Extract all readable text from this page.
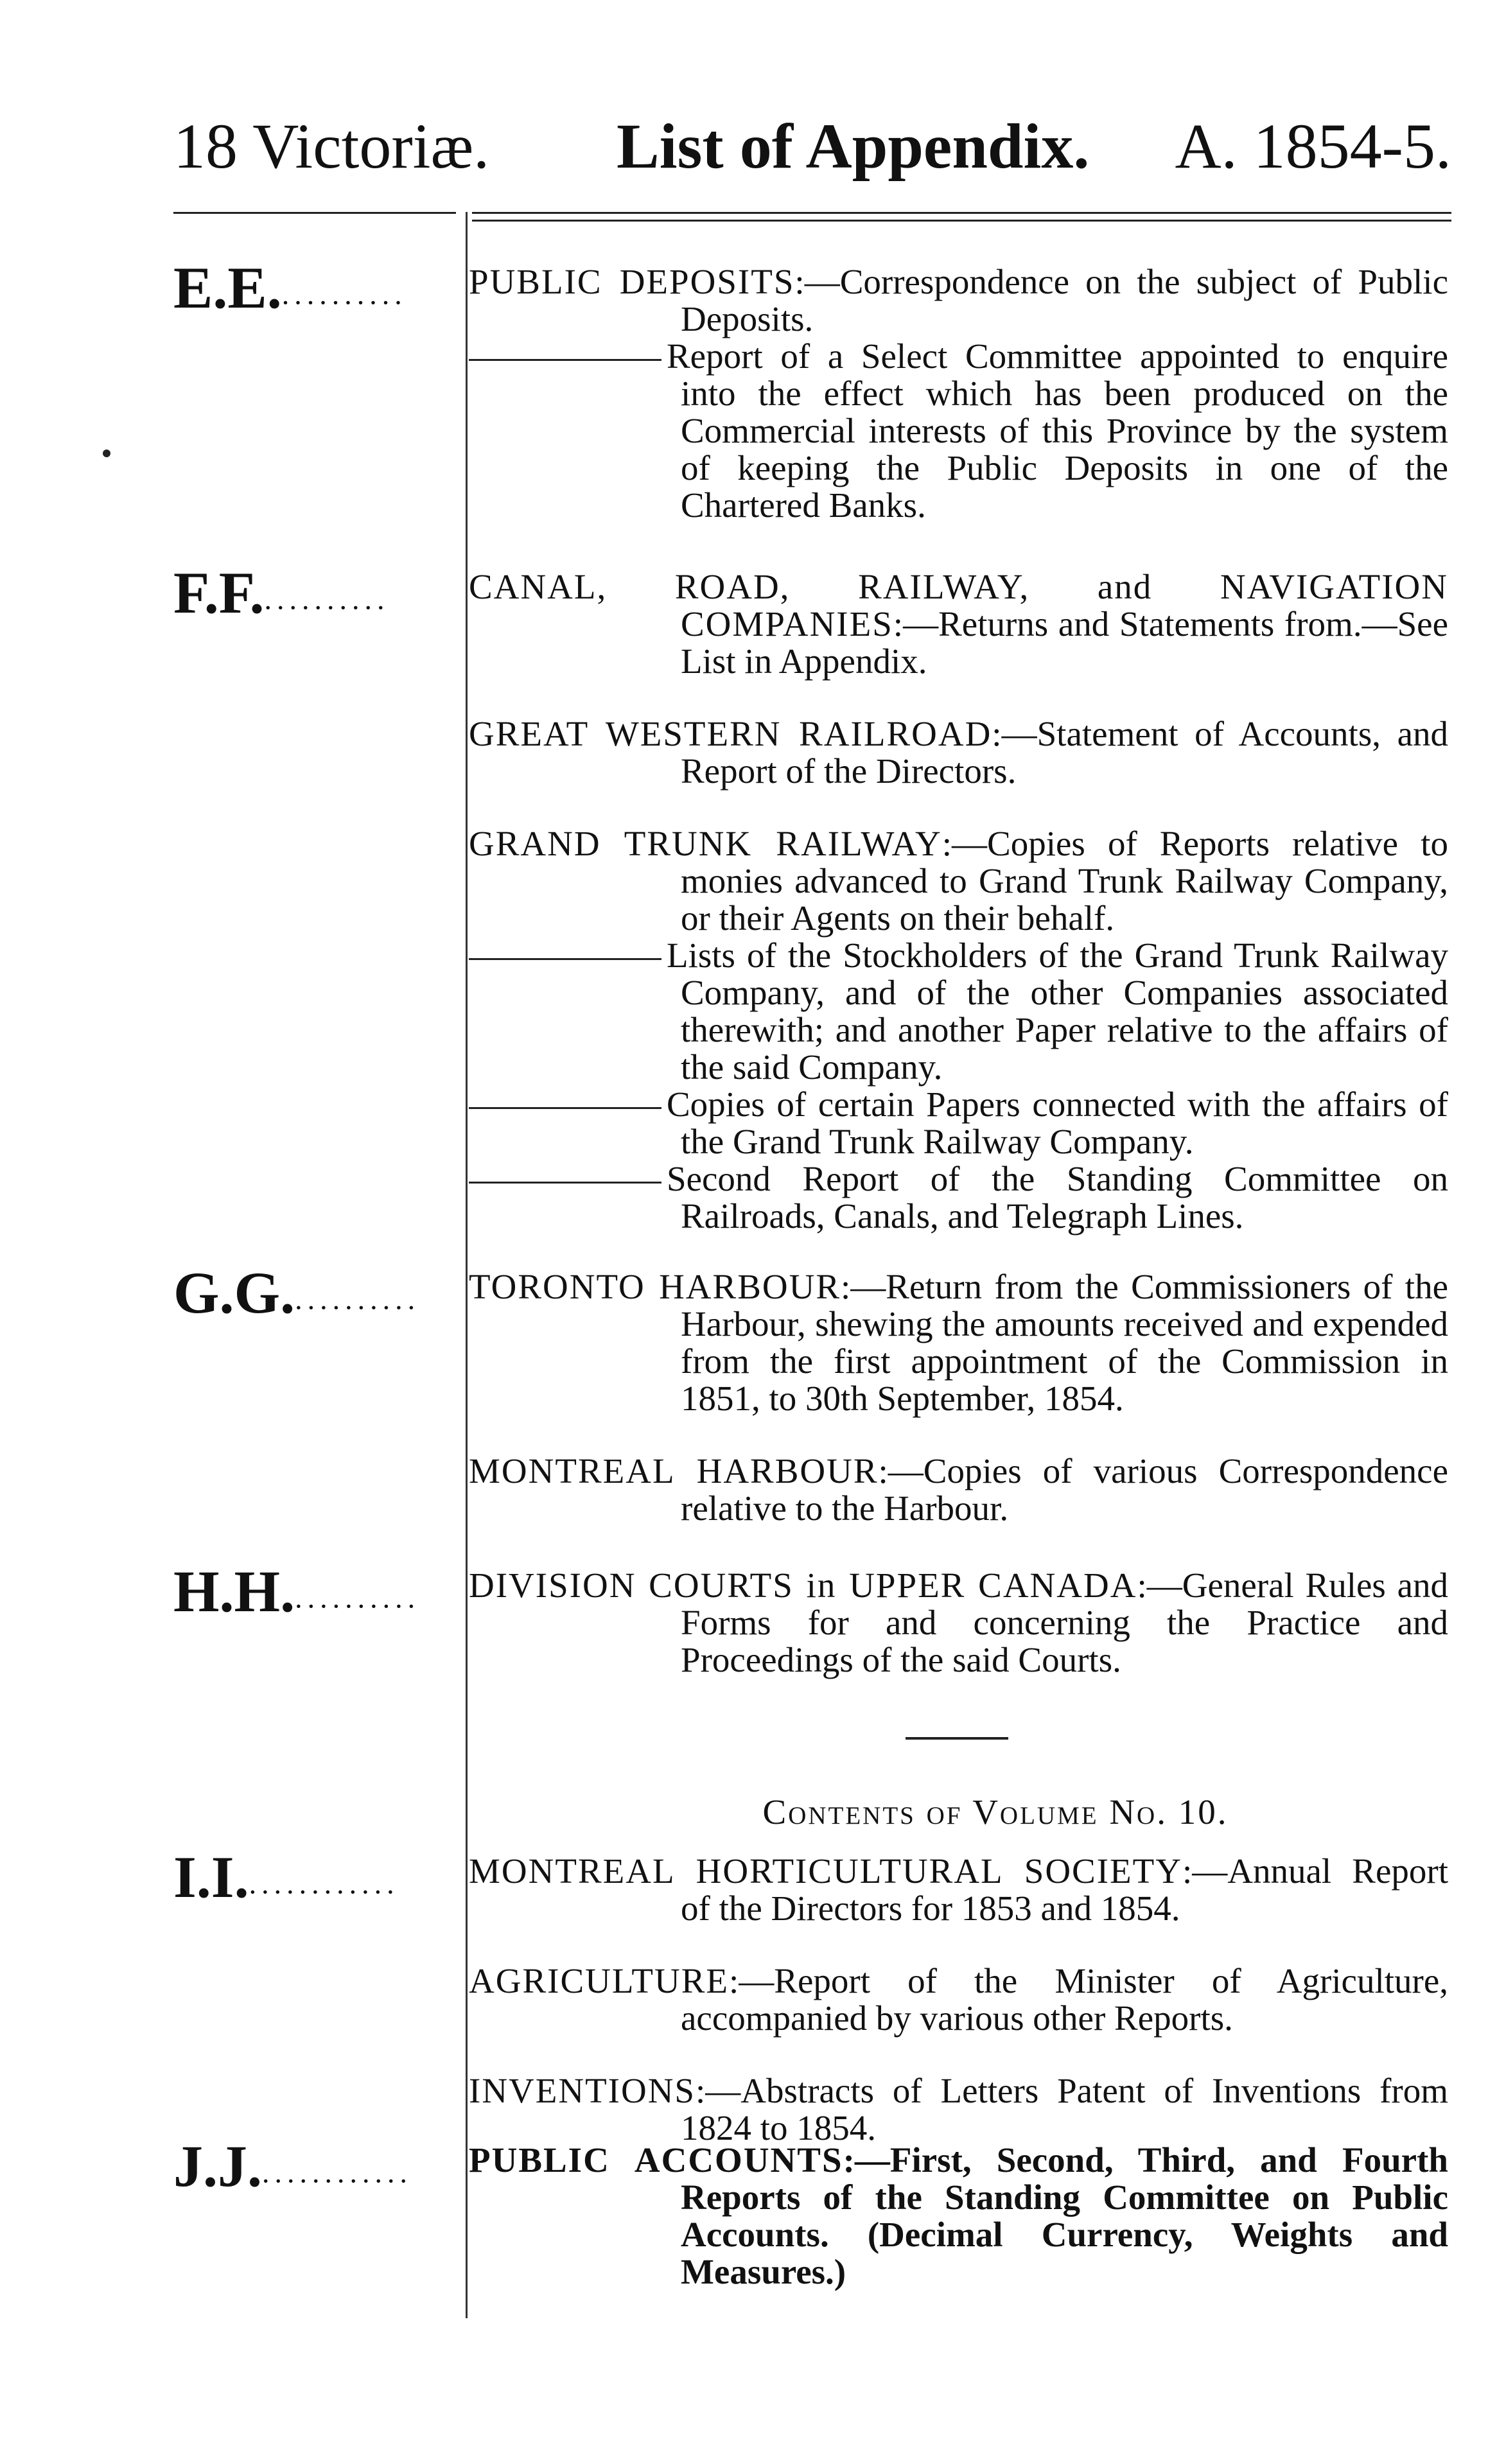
18 Victoriæ. List of Appendix. A. 1854-5.
E.E........... PUBLIC DEPOSITS:—Correspondence on the subject of Public Deposits.

Report of a Select Committee appointed to enquire into the effect which has been produced on the Commercial interests of this Province by the system of keeping the Public Deposits in one of the Chartered Banks.

F.F........... CANAL, ROAD, RAILWAY, and NAVIGATION COMPANIES:—Returns and Statements from.—See List in Appendix.

GREAT WESTERN RAILROAD:—Statement of Accounts, and Report of the Directors.

GRAND TRUNK RAILWAY:—Copies of Reports relative to monies advanced to Grand Trunk Railway Company, or their Agents on their behalf.

Lists of the Stockholders of the Grand Trunk Railway Company, and of the other Companies associated therewith; and another Paper relative to the affairs of the said Company.

Copies of certain Papers connected with the affairs of the Grand Trunk Railway Company.

Second Report of the Standing Committee on Railroads, Canals, and Telegraph Lines.

G.G........... TORONTO HARBOUR:—Return from the Commissioners of the Harbour, shewing the amounts received and expended from the first appointment of the Commission in 1851, to 30th September, 1854.

MONTREAL HARBOUR:—Copies of various Correspondence relative to the Harbour.

H.H........... DIVISION COURTS in UPPER CANADA:—General Rules and Forms for and concerning the Practice and Proceedings of the said Courts.

Contents of Volume No. 10.
I.I............. MONTREAL HORTICULTURAL SOCIETY:—Annual Report of the Directors for 1853 and 1854.

AGRICULTURE:—Report of the Minister of Agriculture, accompanied by various other Reports.

INVENTIONS:—Abstracts of Letters Patent of Inventions from 1824 to 1854.

J.J............. PUBLIC ACCOUNTS:—First, Second, Third, and Fourth Reports of the Standing Committee on Public Accounts. (Decimal Currency, Weights and Measures.)
